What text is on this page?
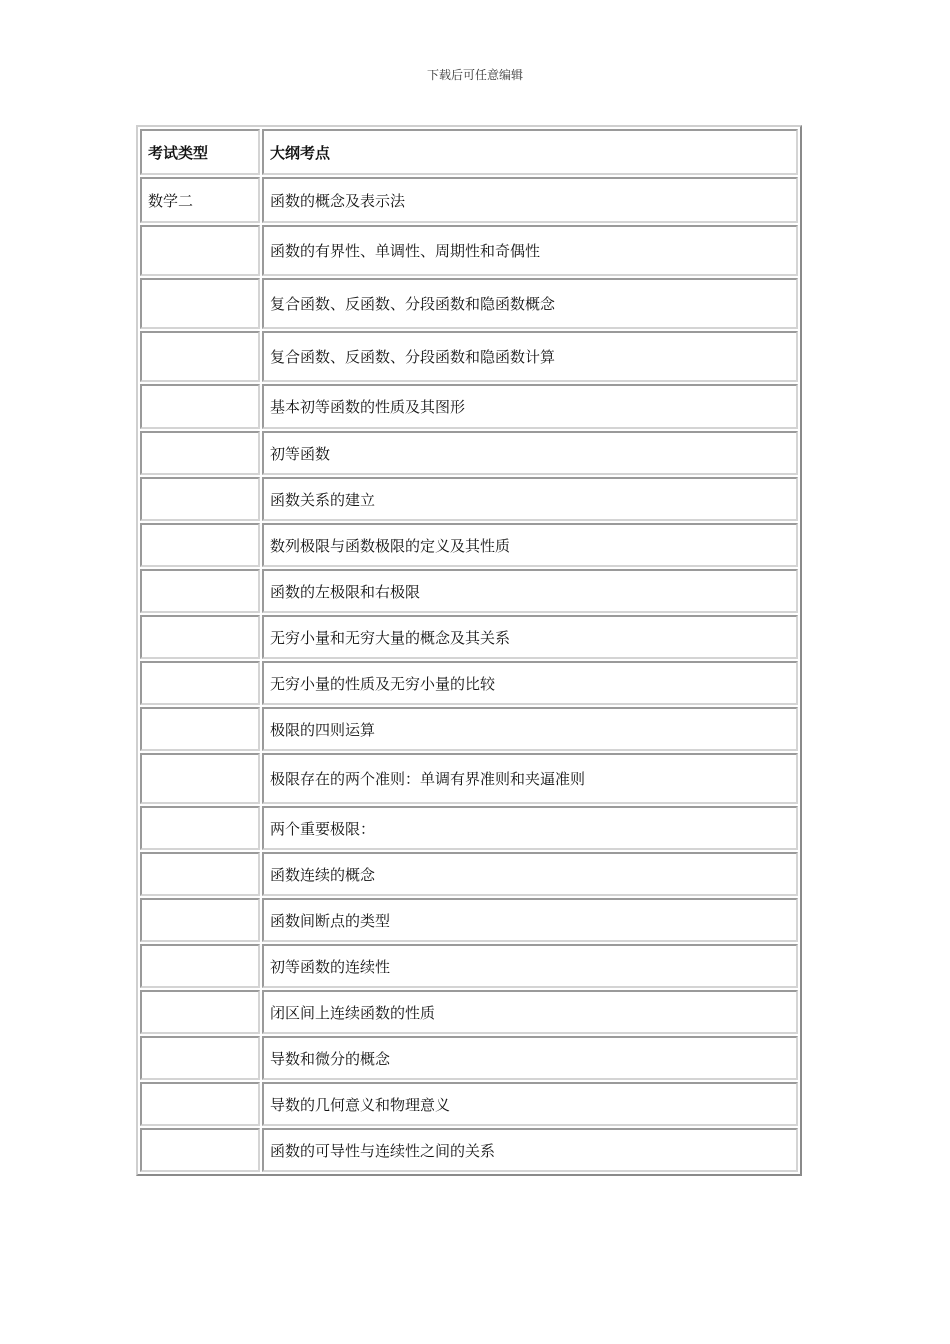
下载后可任意编辑
考试类型	大纲考点
数学二	函数的概念及表示法
	函数的有界性、单调性、周期性和奇偶性
	复合函数、反函数、分段函数和隐函数概念
	复合函数、反函数、分段函数和隐函数计算
	基本初等函数的性质及其图形
	初等函数
	函数关系的建立
	数列极限与函数极限的定义及其性质
	函数的左极限和右极限
	无穷小量和无穷大量的概念及其关系
	无穷小量的性质及无穷小量的比较
	极限的四则运算
	极限存在的两个准则：单调有界准则和夹逼准则
	两个重要极限：
	函数连续的概念
	函数间断点的类型
	初等函数的连续性
	闭区间上连续函数的性质
	导数和微分的概念
	导数的几何意义和物理意义
	函数的可导性与连续性之间的关系
